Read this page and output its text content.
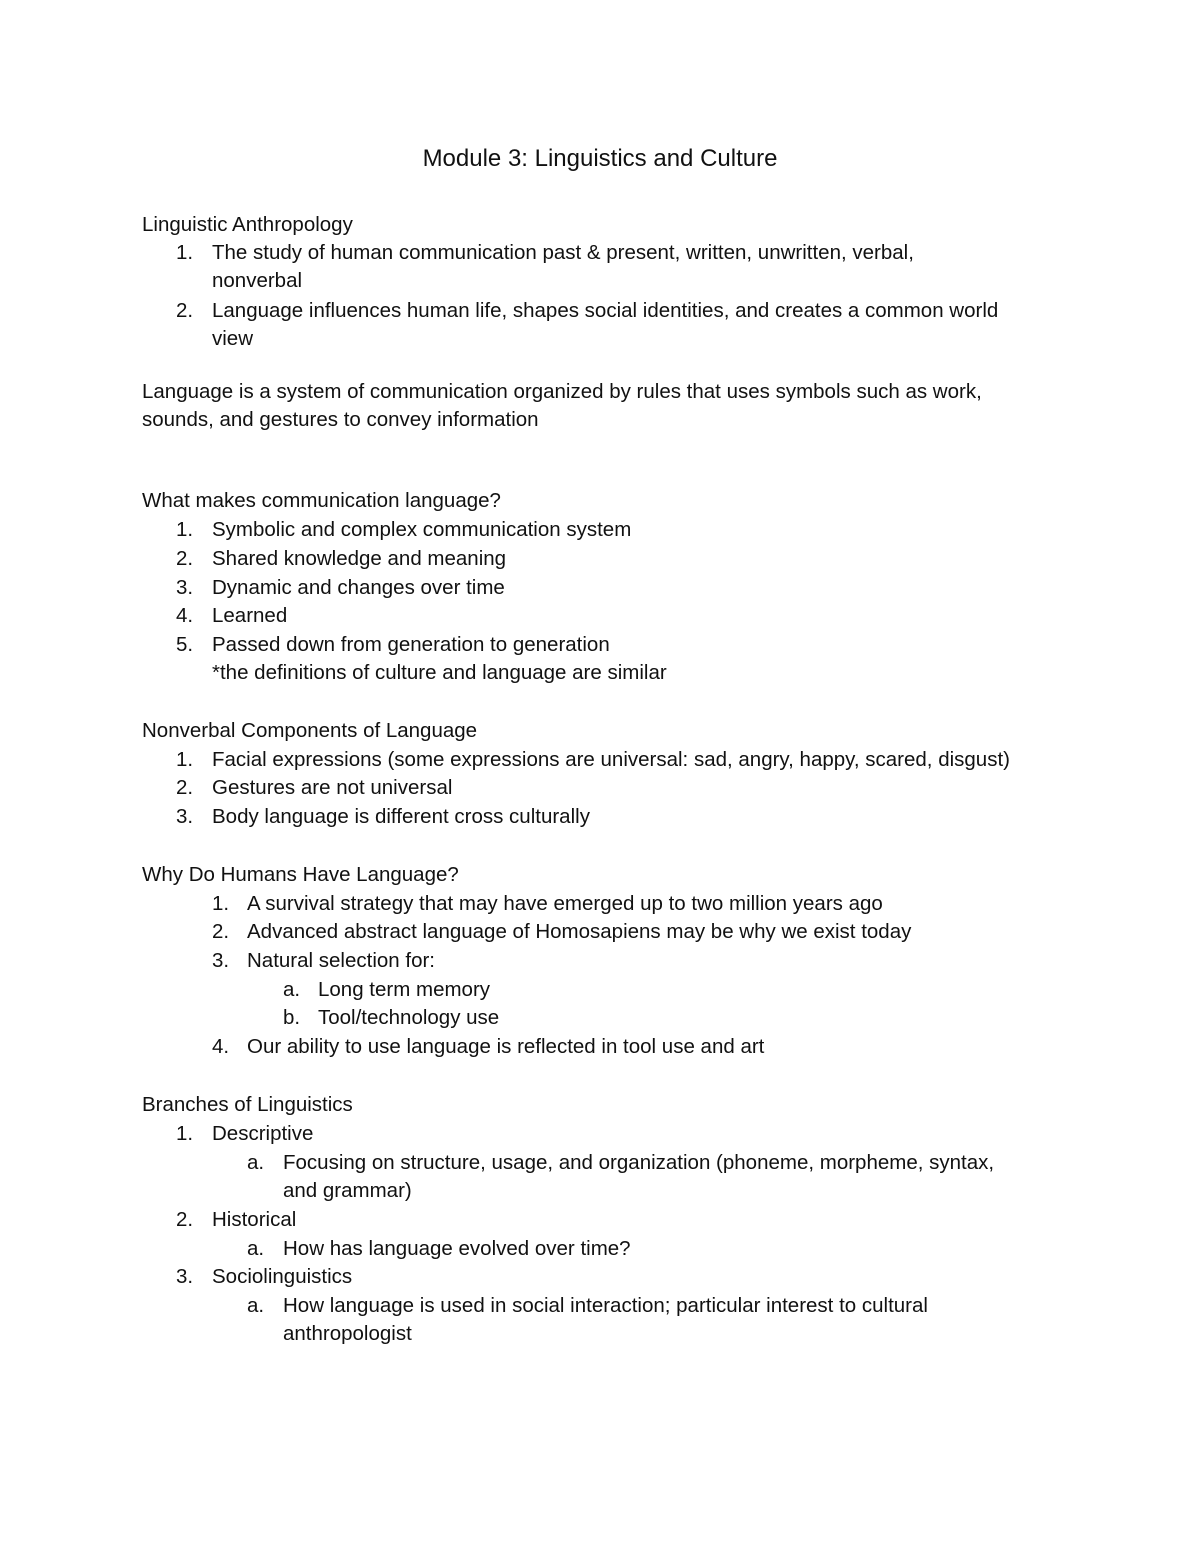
Module 3: Linguistics and Culture
Linguistic Anthropology
1. The study of human communication past & present, written, unwritten, verbal,
nonverbal
2. Language influences human life, shapes social identities, and creates a common world
view
Language is a system of communication organized by rules that uses symbols such as work,
sounds, and gestures to convey information
What makes communication language?
1. Symbolic and complex communication system
2. Shared knowledge and meaning
3. Dynamic and changes over time
4. Learned
5. Passed down from generation to generation
*the definitions of culture and language are similar
Nonverbal Components of Language
1. Facial expressions (some expressions are universal: sad, angry, happy, scared, disgust)
2. Gestures are not universal
3. Body language is different cross culturally
Why Do Humans Have Language?
1. A survival strategy that may have emerged up to two million years ago
2. Advanced abstract language of Homosapiens may be why we exist today
3. Natural selection for:
a. Long term memory
b. Tool/technology use
4. Our ability to use language is reflected in tool use and art
Branches of Linguistics
1. Descriptive
a. Focusing on structure, usage, and organization (phoneme, morpheme, syntax,
and grammar)
2. Historical
a. How has language evolved over time?
3. Sociolinguistics
a. How language is used in social interaction; particular interest to cultural
anthropologist
